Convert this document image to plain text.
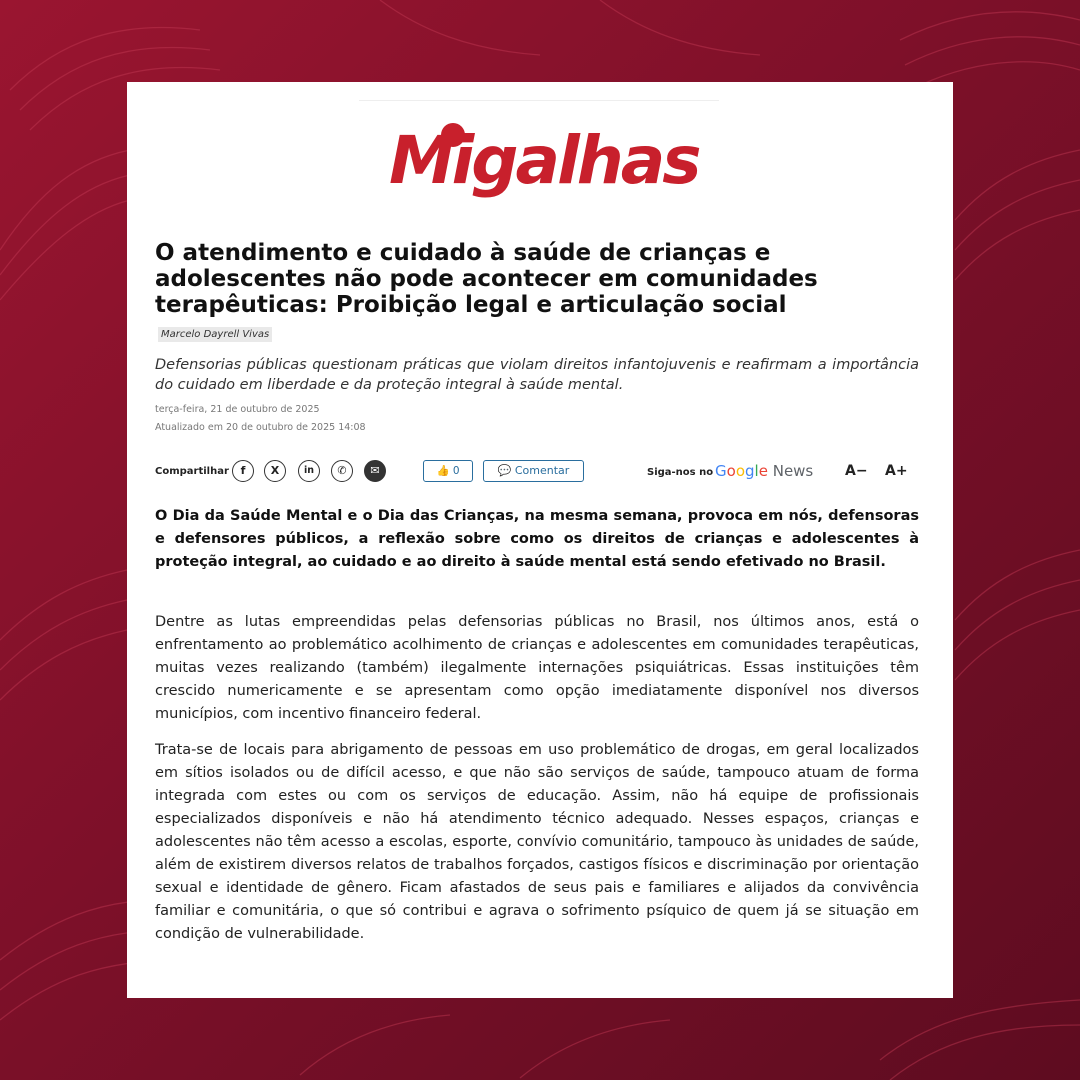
Migalhas
O atendimento e cuidado à saúde de crianças e adolescentes não pode acontecer em comunidades terapêuticas: Proibição legal e articulação social
Marcelo Dayrell Vivas

Defensorias públicas questionam práticas que violam direitos infantojuvenis e reafirmam a importância do cuidado em liberdade e da proteção integral à saúde mental.

terça-feira, 21 de outubro de 2025
Atualizado em 20 de outubro de 2025 14:08
Compartilhar	f	X	in	✆	✉	👍 0	💬 Comentar	Siga-nos no Google News A− A+

O Dia da Saúde Mental e o Dia das Crianças, na mesma semana, provoca em nós, defensoras e defensores públicos, a reflexão sobre como os direitos de crianças e adolescentes à proteção integral, ao cuidado e ao direito à saúde mental está sendo efetivado no Brasil.

Dentre as lutas empreendidas pelas defensorias públicas no Brasil, nos últimos anos, está o enfrentamento ao problemático acolhimento de crianças e adolescentes em comunidades terapêuticas, muitas vezes realizando (também) ilegalmente internações psiquiátricas. Essas instituições têm crescido numericamente e se apresentam como opção imediatamente disponível nos diversos municípios, com incentivo financeiro federal.

Trata-se de locais para abrigamento de pessoas em uso problemático de drogas, em geral localizados em sítios isolados ou de difícil acesso, e que não são serviços de saúde, tampouco atuam de forma integrada com estes ou com os serviços de educação. Assim, não há equipe de profissionais especializados disponíveis e não há atendimento técnico adequado. Nesses espaços, crianças e adolescentes não têm acesso a escolas, esporte, convívio comunitário, tampouco às unidades de saúde, além de existirem diversos relatos de trabalhos forçados, castigos físicos e discriminação por orientação sexual e identidade de gênero. Ficam afastados de seus pais e familiares e alijados da convivência familiar e comunitária, o que só contribui e agrava o sofrimento psíquico de quem já se situação em condição de vulnerabilidade.
